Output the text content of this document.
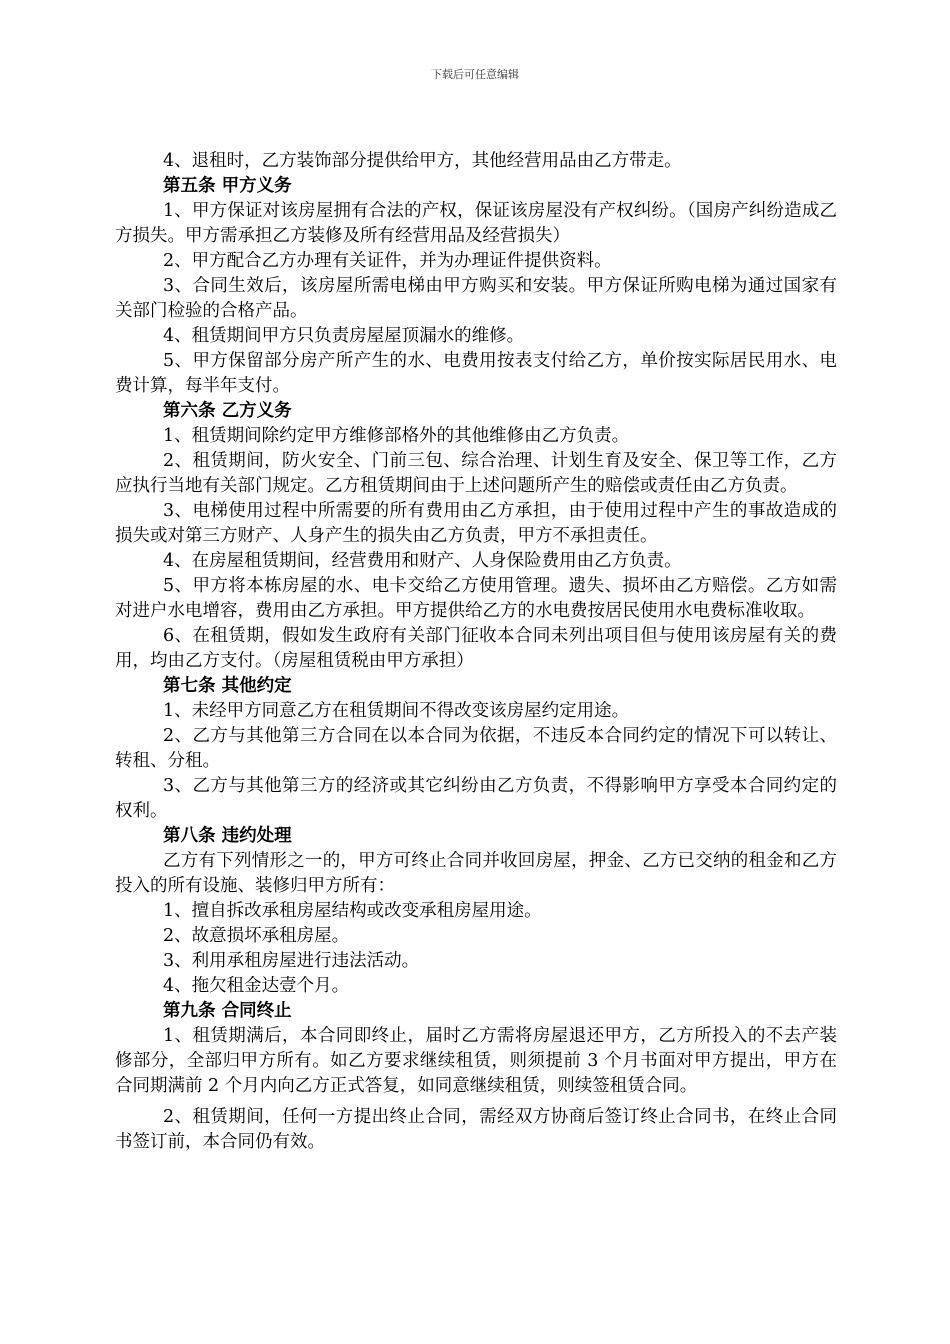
下载后可任意编辑
4、退租时，乙方装饰部分提供给甲方，其他经营用品由乙方带走。
第五条 甲方义务
1、甲方保证对该房屋拥有合法的产权，保证该房屋没有产权纠纷。（国房产纠纷造成乙方损失。甲方需承担乙方装修及所有经营用品及经营损失）
2、甲方配合乙方办理有关证件，并为办理证件提供资料。
3、合同生效后，该房屋所需电梯由甲方购买和安装。甲方保证所购电梯为通过国家有关部门检验的合格产品。
4、租赁期间甲方只负责房屋屋顶漏水的维修。
5、甲方保留部分房产所产生的水、电费用按表支付给乙方，单价按实际居民用水、电费计算，每半年支付。
第六条 乙方义务
1、租赁期间除约定甲方维修部格外的其他维修由乙方负责。
2、租赁期间，防火安全、门前三包、综合治理、计划生育及安全、保卫等工作，乙方应执行当地有关部门规定。乙方租赁期间由于上述问题所产生的赔偿或责任由乙方负责。
3、电梯使用过程中所需要的所有费用由乙方承担，由于使用过程中产生的事故造成的损失或对第三方财产、人身产生的损失由乙方负责，甲方不承担责任。
4、在房屋租赁期间，经营费用和财产、人身保险费用由乙方负责。
5、甲方将本栋房屋的水、电卡交给乙方使用管理。遗失、损坏由乙方赔偿。乙方如需对进户水电增容，费用由乙方承担。甲方提供给乙方的水电费按居民使用水电费标准收取。
6、在租赁期，假如发生政府有关部门征收本合同未列出项目但与使用该房屋有关的费用，均由乙方支付。（房屋租赁税由甲方承担）
第七条 其他约定
1、未经甲方同意乙方在租赁期间不得改变该房屋约定用途。
2、乙方与其他第三方合同在以本合同为依据，不违反本合同约定的情况下可以转让、转租、分租。
3、乙方与其他第三方的经济或其它纠纷由乙方负责，不得影响甲方享受本合同约定的权利。
第八条 违约处理
乙方有下列情形之一的，甲方可终止合同并收回房屋，押金、乙方已交纳的租金和乙方投入的所有设施、装修归甲方所有：
1、擅自拆改承租房屋结构或改变承租房屋用途。
2、故意损坏承租房屋。
3、利用承租房屋进行违法活动。
4、拖欠租金达壹个月。
第九条 合同终止
1、租赁期满后，本合同即终止，届时乙方需将房屋退还甲方，乙方所投入的不去产装修部分，全部归甲方所有。如乙方要求继续租赁，则须提前 3 个月书面对甲方提出，甲方在合同期满前 2 个月内向乙方正式答复，如同意继续租赁，则续签租赁合同。
2、租赁期间，任何一方提出终止合同，需经双方协商后签订终止合同书，在终止合同书签订前，本合同仍有效。
